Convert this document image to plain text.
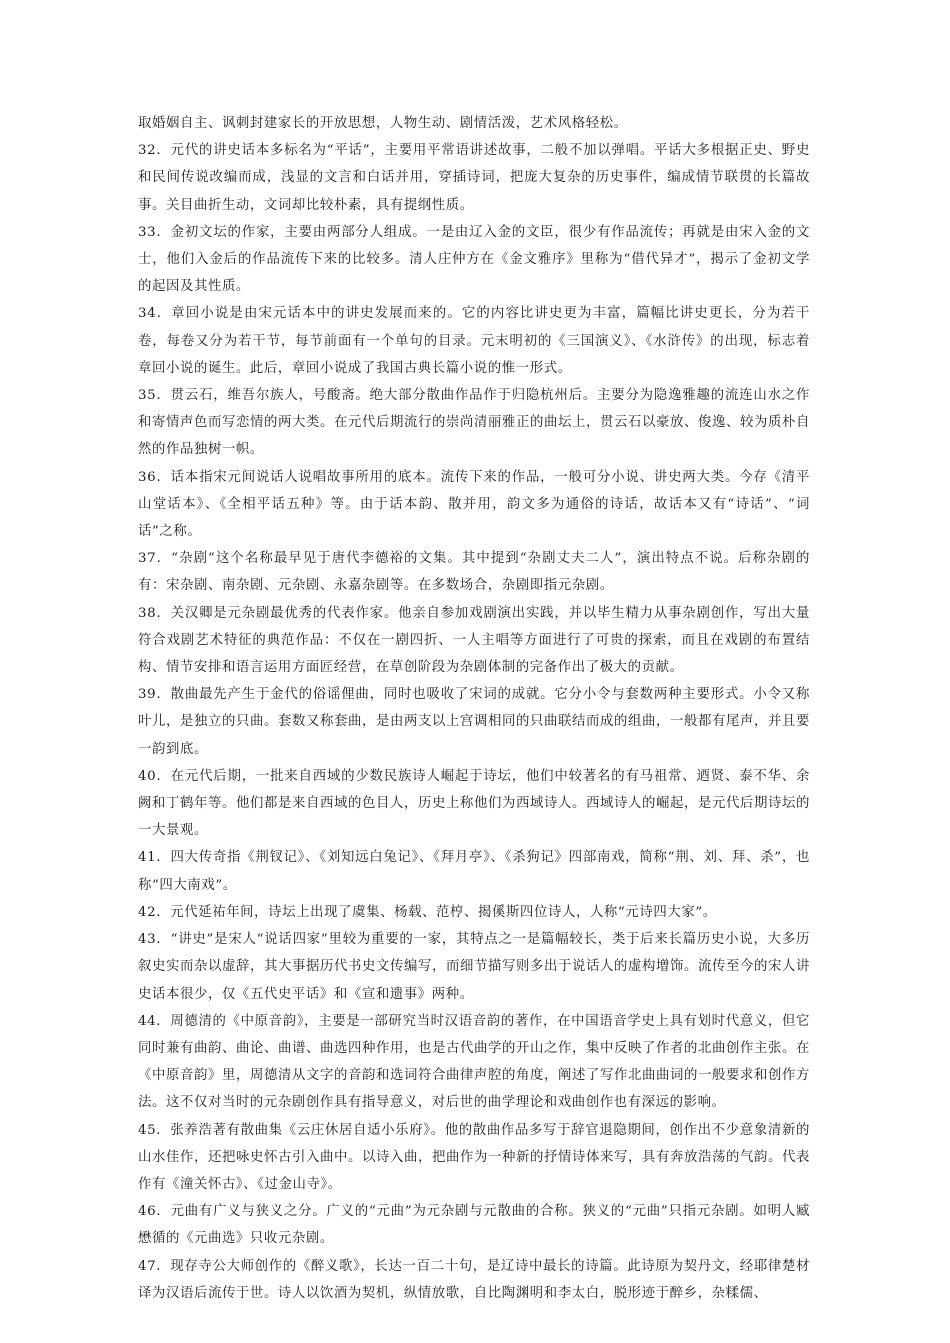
取婚姻自主、讽刺封建家长的开放思想，人物生动、剧情活泼，艺术风格轻松。

32．元代的讲史话本多标名为“平话”，主要用平常语讲述故事，二般不加以弹唱。平话大多根据正史、野史和民间传说改编而成，浅显的文言和白话并用，穿插诗词，把庞大复杂的历史事件，编成情节联贯的长篇故事。关目曲折生动，文词却比较朴素，具有提纲性质。

33．金初文坛的作家，主要由两部分人组成。一是由辽入金的文臣，很少有作品流传；再就是由宋入金的文士，他们入金后的作品流传下来的比较多。清人庄仲方在《金文雅序》里称为“借代异才”，揭示了金初文学的起因及其性质。

34．章回小说是由宋元话本中的讲史发展而来的。它的内容比讲史更为丰富，篇幅比讲史更长，分为若干卷，每卷又分为若干节，每节前面有一个单句的目录。元末明初的《三国演义》、《水浒传》的出现，标志着章回小说的诞生。此后，章回小说成了我国古典长篇小说的惟一形式。

35．贯云石，维吾尔族人，号酸斋。绝大部分散曲作品作于归隐杭州后。主要分为隐逸雅趣的流连山水之作和寄情声色而写恋情的两大类。在元代后期流行的崇尚清丽雅正的曲坛上，贯云石以豪放、俊逸、较为质朴自然的作品独树一帜。

36．话本指宋元间说话人说唱故事所用的底本。流传下来的作品，一般可分小说、讲史两大类。今存《清平山堂话本》、《全相平话五种》等。由于话本韵、散并用，韵文多为通俗的诗话，故话本又有“诗话”、“词话”之称。

37．“杂剧”这个名称最早见于唐代李德裕的文集。其中提到“杂剧丈夫二人”，演出特点不说。后称杂剧的有：宋杂剧、南杂剧、元杂剧、永嘉杂剧等。在多数场合，杂剧即指元杂剧。

38．关汉卿是元杂剧最优秀的代表作家。他亲自参加戏剧演出实践，并以毕生精力从事杂剧创作，写出大量符合戏剧艺术特征的典范作品：不仅在一剧四折、一人主唱等方面进行了可贵的探索，而且在戏剧的布置结构、情节安排和语言运用方面匠经营，在草创阶段为杂剧体制的完备作出了极大的贡献。

39．散曲最先产生于金代的俗谣俚曲，同时也吸收了宋词的成就。它分小令与套数两种主要形式。小令又称叶儿，是独立的只曲。套数又称套曲，是由两支以上宫调相同的只曲联结而成的组曲，一般都有尾声，并且要一韵到底。

40．在元代后期，一批来自西域的少数民族诗人崛起于诗坛，他们中较著名的有马祖常、迺贤、泰不华、余阙和丁鹤年等。他们都是来自西域的色目人，历史上称他们为西域诗人。西域诗人的崛起，是元代后期诗坛的一大景观。

41．四大传奇指《荆钗记》、《刘知远白兔记》、《拜月亭》、《杀狗记》四部南戏，简称“荆、刘、拜、杀”，也称“四大南戏”。

42．元代延祐年间，诗坛上出现了虞集、杨载、范梈、揭傒斯四位诗人，人称“元诗四大家”。

43．“讲史”是宋人“说话四家”里较为重要的一家，其特点之一是篇幅较长，类于后来长篇历史小说，大多历叙史实而杂以虚辞，其大事据历代书史文传编写，而细节描写则多出于说话人的虚构增饰。流传至今的宋人讲史话本很少，仅《五代史平话》和《宣和遗事》两种。

44．周德清的《中原音韵》，主要是一部研究当时汉语音韵的著作，在中国语音学史上具有划时代意义，但它同时兼有曲韵、曲论、曲谱、曲选四种作用，也是古代曲学的开山之作，集中反映了作者的北曲创作主张。在《中原音韵》里，周德清从文字的音韵和选词符合曲律声腔的角度，阐述了写作北曲曲词的一般要求和创作方法。这不仅对当时的元杂剧创作具有指导意义，对后世的曲学理论和戏曲创作也有深远的影响。

45．张养浩著有散曲集《云庄休居自适小乐府》。他的散曲作品多写于辞官退隐期间，创作出不少意象清新的山水佳作，还把咏史怀古引入曲中。以诗入曲，把曲作为一种新的抒情诗体来写，具有奔放浩荡的气韵。代表作有《潼关怀古》、《过金山寺》。

46．元曲有广义与狭义之分。广义的“元曲”为元杂剧与元散曲的合称。狭义的“元曲”只指元杂剧。如明人臧懋循的《元曲选》只收元杂剧。

47．现存寺公大师创作的《醉义歌》，长达一百二十句，是辽诗中最长的诗篇。此诗原为契丹文，经耶律楚材译为汉语后流传于世。诗人以饮酒为契机，纵情放歌，自比陶渊明和李太白，脱形迹于醉乡，杂糅儒、
